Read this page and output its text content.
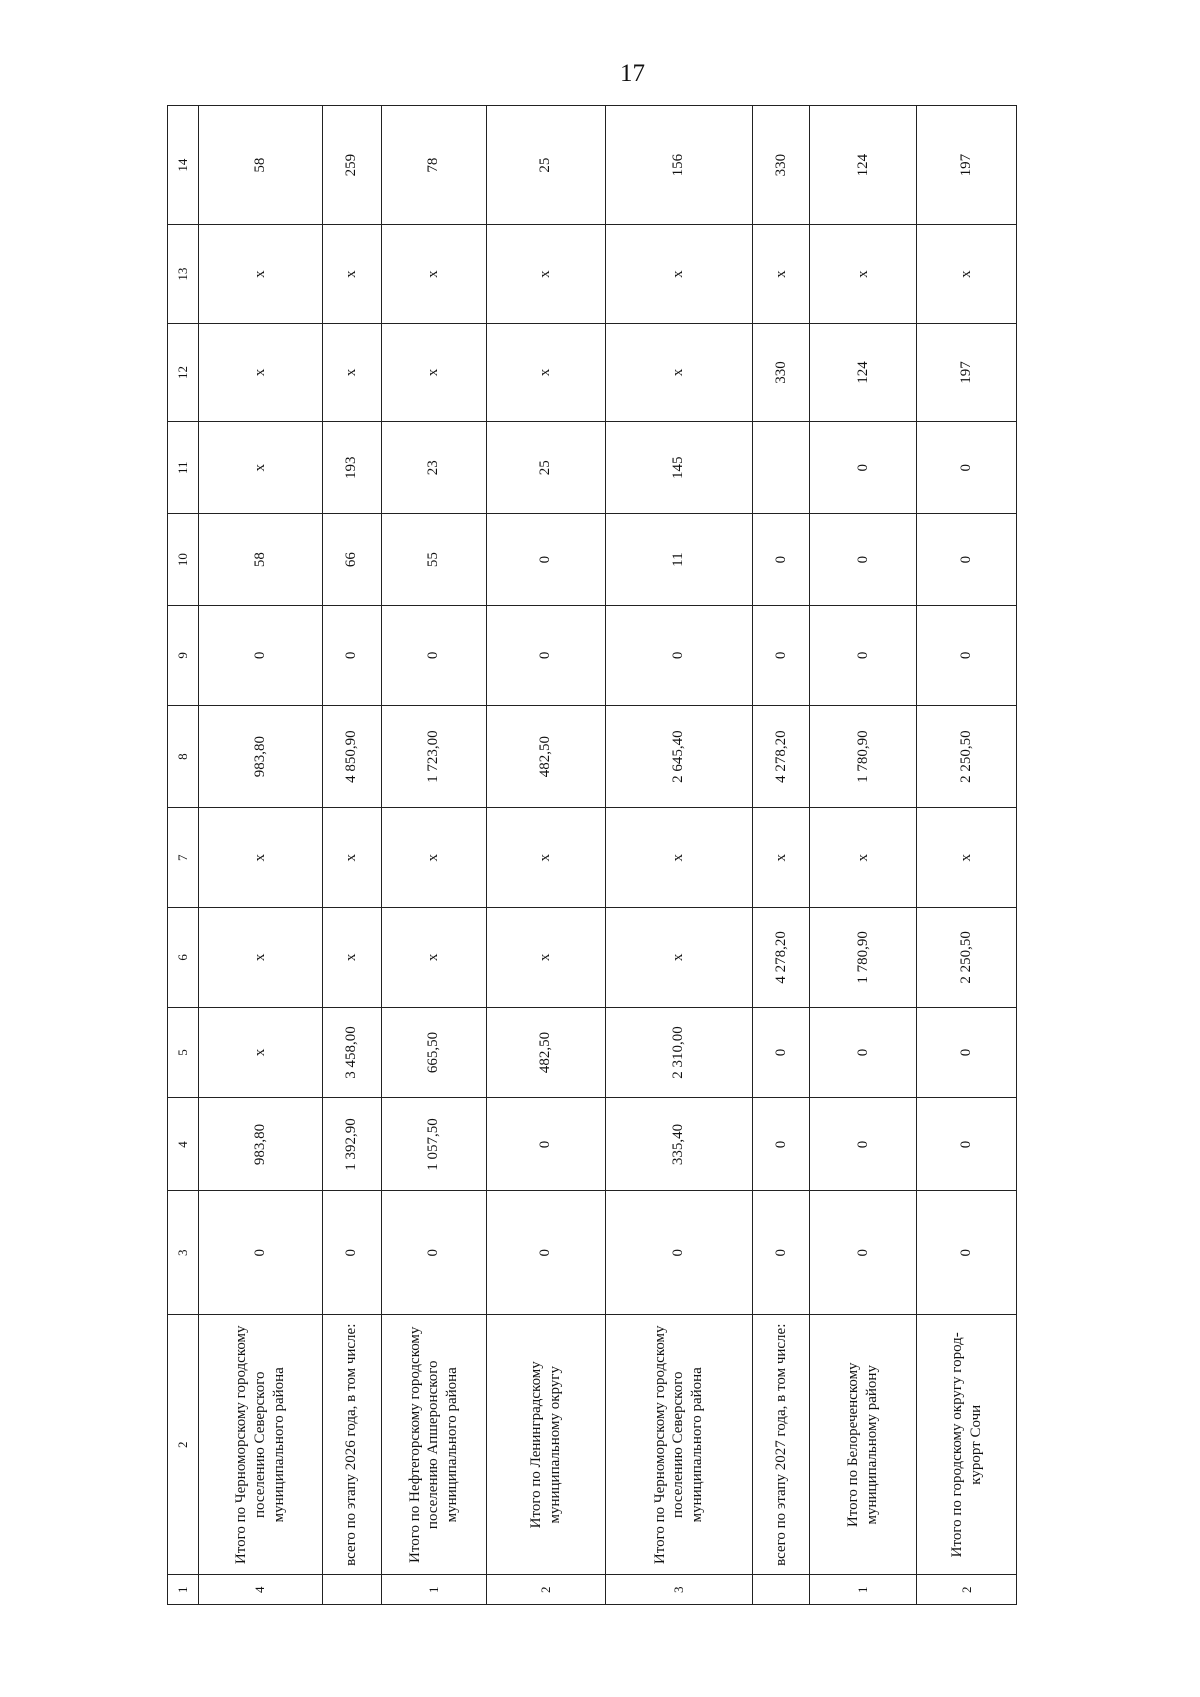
17
1	2	3	4	5	6	7	8	9	10	11	12	13	14
4	Итого по Черноморскому городскому поселению Северского муниципального района	0	983,80	х	х	х	983,80	0	58	х	х	х	58
	всего по этапу 2026 года, в том числе:	0	1 392,90	3 458,00	х	х	4 850,90	0	66	193	х	х	259
1	Итого по Нефтегорскому городскому поселению Апшеронского муниципального района	0	1 057,50	665,50	х	х	1 723,00	0	55	23	х	х	78
2	Итого по Ленинградскому муниципальному округу	0	0	482,50	х	х	482,50	0	0	25	х	х	25
3	Итого по Черноморскому городскому поселению Северского муниципального района	0	335,40	2 310,00	х	х	2 645,40	0	11	145	х	х	156
	всего по этапу 2027 года, в том числе:	0	0	0	4 278,20	х	4 278,20	0	0		330	х	330
1	Итого по Белореченскому муниципальному району	0	0	0	1 780,90	х	1 780,90	0	0	0	124	х	124
2	Итого по городскому округу город-курорт Сочи	0	0	0	2 250,50	х	2 250,50	0	0	0	197	х	197
